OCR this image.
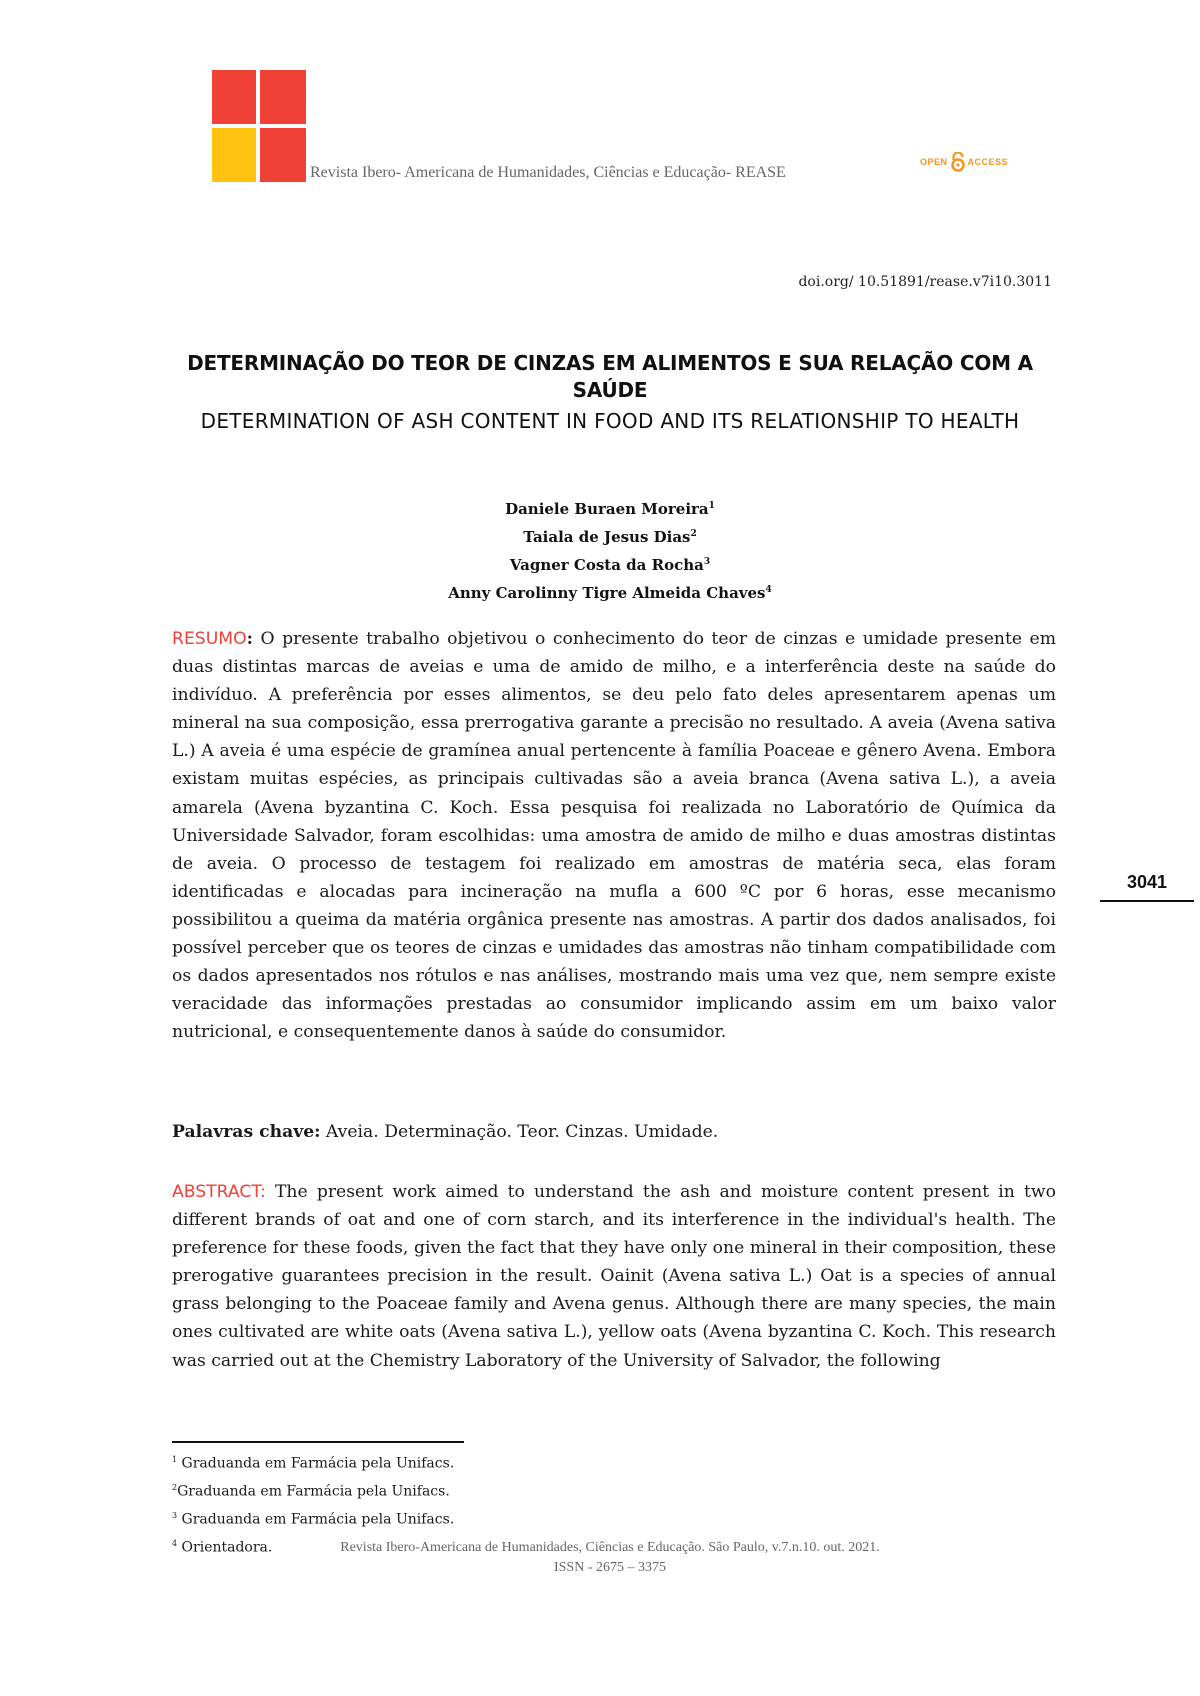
Revista Ibero- Americana de Humanidades, Ciências e Educação- REASE
OPEN ACCESS
doi.org/ 10.51891/rease.v7i10.3011
DETERMINAÇÃO DO TEOR DE CINZAS EM ALIMENTOS E SUA RELAÇÃO COM A SAÚDE
DETERMINATION OF ASH CONTENT IN FOOD AND ITS RELATIONSHIP TO HEALTH
Daniele Buraen Moreira$^1$
Taiala de Jesus Dias$^2$
Vagner Costa da Rocha$^3$
Anny Carolinny Tigre Almeida Chaves$^4$

RESUMO: O presente trabalho objetivou o conhecimento do teor de cinzas e umidade presente em duas distintas marcas de aveias e uma de amido de milho, e a interferência deste na saúde do indivíduo. A preferência por esses alimentos, se deu pelo fato deles apresentarem apenas um mineral na sua composição, essa prerrogativa garante a precisão no resultado. A aveia (Avena sativa L.) A aveia é uma espécie de gramínea anual pertencente à família Poaceae e gênero Avena. Embora existam muitas espécies, as principais cultivadas são a aveia branca (Avena sativa L.), a aveia amarela (Avena byzantina C. Koch. Essa pesquisa foi realizada no Laboratório de Química da Universidade Salvador, foram escolhidas: uma amostra de amido de milho e duas amostras distintas de aveia. O processo de testagem foi realizado em amostras de matéria seca, elas foram identificadas e alocadas para incineração na mufla a 600 ºC por 6 horas, esse mecanismo possibilitou a queima da matéria orgânica presente nas amostras. A partir dos dados analisados, foi possível perceber que os teores de cinzas e umidades das amostras não tinham compatibilidade com os dados apresentados nos rótulos e nas análises, mostrando mais uma vez que, nem sempre existe veracidade das informações prestadas ao consumidor implicando assim em um baixo valor nutricional, e consequentemente danos à saúde do consumidor.

Palavras chave: Aveia. Determinação. Teor. Cinzas. Umidade.

ABSTRACT: The present work aimed to understand the ash and moisture content present in two different brands of oat and one of corn starch, and its interference in the individual's health. The preference for these foods, given the fact that they have only one mineral in their composition, these prerogative guarantees precision in the result. Oainit (Avena sativa L.) Oat is a species of annual grass belonging to the Poaceae family and Avena genus. Although there are many species, the main ones cultivated are white oats (Avena sativa L.), yellow oats (Avena byzantina C. Koch. This research was carried out at the Chemistry Laboratory of the University of Salvador, the following

3041
$^1$ Graduanda em Farmácia pela Unifacs.
$^2$Graduanda em Farmácia pela Unifacs.
$^3$ Graduanda em Farmácia pela Unifacs.
$^4$ Orientadora.	Revista Ibero-Americana de Humanidades, Ciências e Educação. São Paulo, v.7.n.10. out. 2021.
ISSN - 2675 – 3375
